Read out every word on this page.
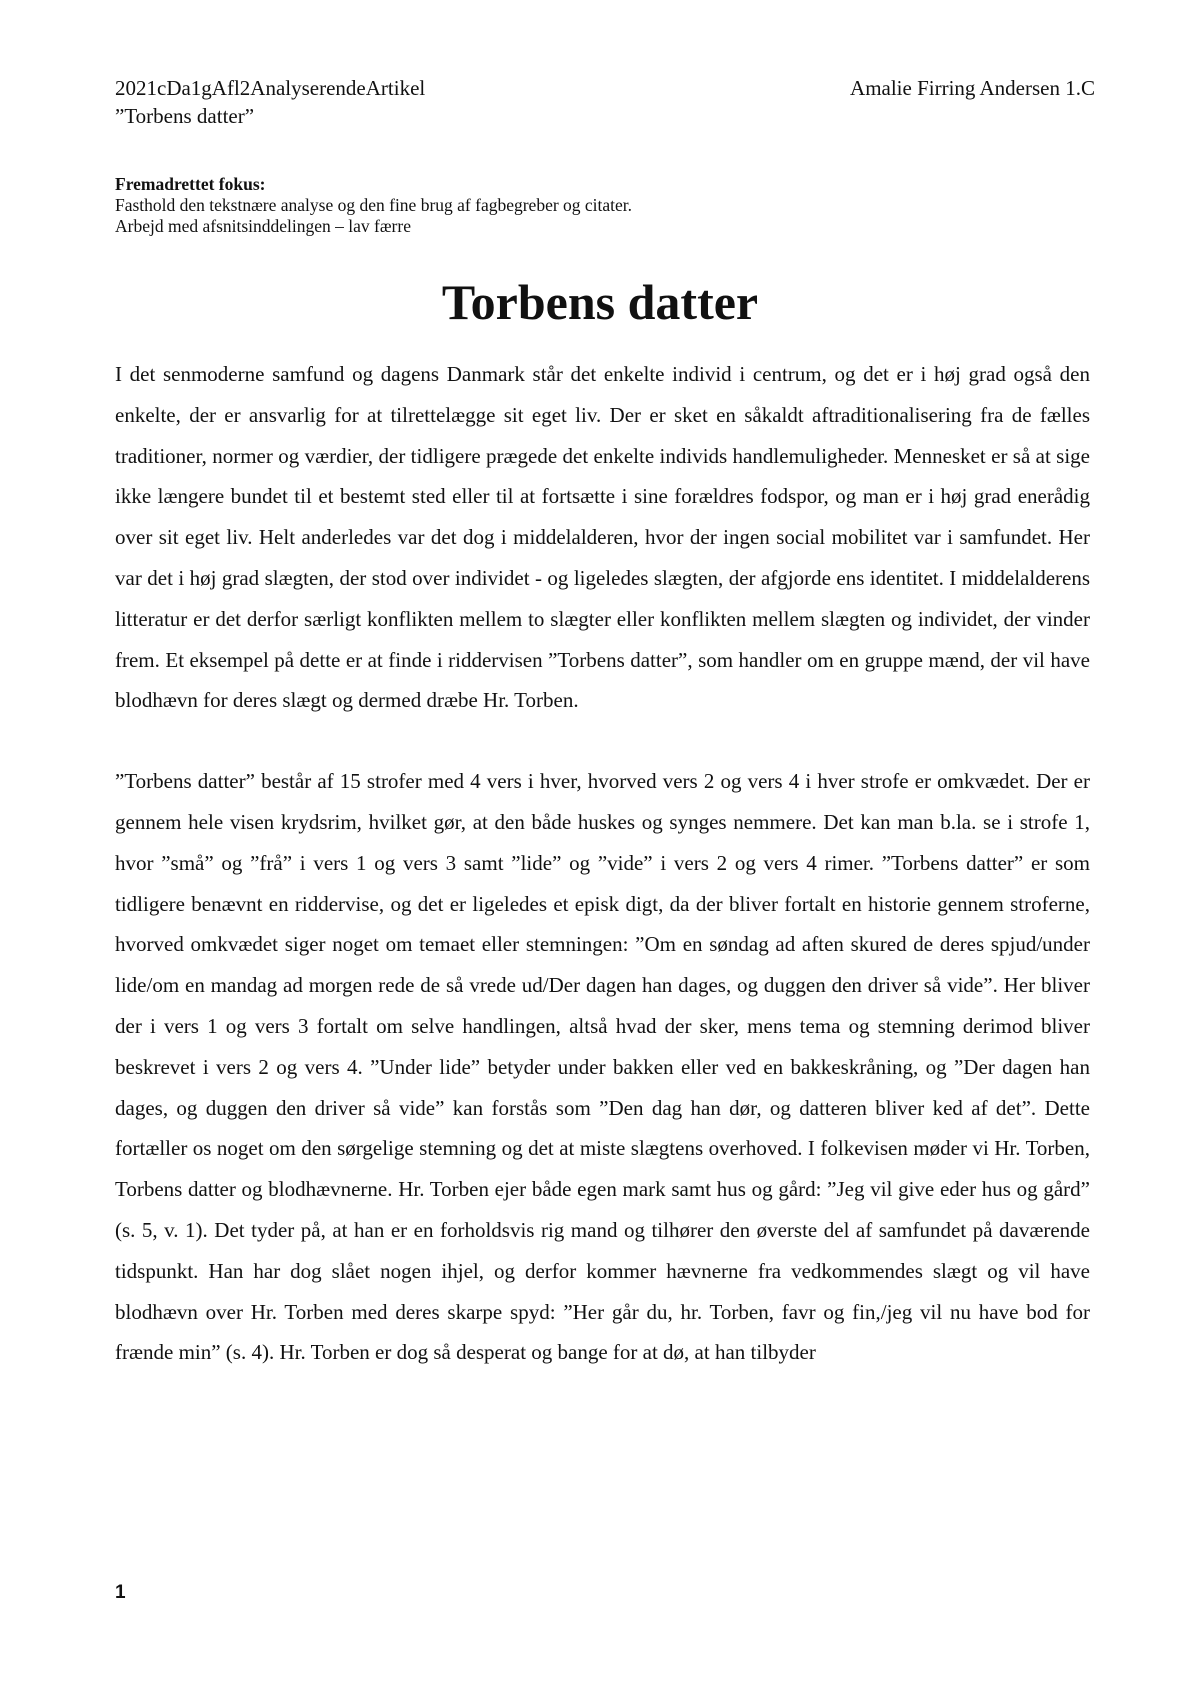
2021cDa1gAfl2AnalyserendeArtikel	Amalie Firring Andersen 1.C
”Torbens datter”
Fremadrettet fokus:
Fasthold den tekstnære analyse og den fine brug af fagbegreber og citater.
Arbejd med afsnitsinddelingen – lav færre
Torbens datter

I det senmoderne samfund og dagens Danmark står det enkelte individ i centrum, og det er i høj grad også den enkelte, der er ansvarlig for at tilrettelægge sit eget liv. Der er sket en såkaldt aftraditionalisering fra de fælles traditioner, normer og værdier, der tidligere prægede det enkelte individs handlemuligheder. Mennesket er så at sige ikke længere bundet til et bestemt sted eller til at fortsætte i sine forældres fodspor, og man er i høj grad enerådig over sit eget liv. Helt anderledes var det dog i middelalderen, hvor der ingen social mobilitet var i samfundet. Her var det i høj grad slægten, der stod over individet - og ligeledes slægten, der afgjorde ens identitet. I middelalderens litteratur er det derfor særligt konflikten mellem to slægter eller konflikten mellem slægten og individet, der vinder frem. Et eksempel på dette er at finde i riddervisen ”Torbens datter”, som handler om en gruppe mænd, der vil have blodhævn for deres slægt og dermed dræbe Hr. Torben.

”Torbens datter” består af 15 strofer med 4 vers i hver, hvorved vers 2 og vers 4 i hver strofe er omkvædet. Der er gennem hele visen krydsrim, hvilket gør, at den både huskes og synges nemmere. Det kan man b.la. se i strofe 1, hvor ”små” og ”frå” i vers 1 og vers 3 samt ”lide” og ”vide” i vers 2 og vers 4 rimer. ”Torbens datter” er som tidligere benævnt en riddervise, og det er ligeledes et episk digt, da der bliver fortalt en historie gennem stroferne, hvorved omkvædet siger noget om temaet eller stemningen: ”Om en søndag ad aften skured de deres spjud/under lide/om en mandag ad morgen rede de så vrede ud/Der dagen han dages, og duggen den driver så vide”. Her bliver der i vers 1 og vers 3 fortalt om selve handlingen, altså hvad der sker, mens tema og stemning derimod bliver beskrevet i vers 2 og vers 4. ”Under lide” betyder under bakken eller ved en bakkeskråning, og ”Der dagen han dages, og duggen den driver så vide” kan forstås som ”Den dag han dør, og datteren bliver ked af det”. Dette fortæller os noget om den sørgelige stemning og det at miste slægtens overhoved. I folkevisen møder vi Hr. Torben, Torbens datter og blodhævnerne. Hr. Torben ejer både egen mark samt hus og gård: ”Jeg vil give eder hus og gård” (s. 5, v. 1). Det tyder på, at han er en forholdsvis rig mand og tilhører den øverste del af samfundet på daværende tidspunkt. Han har dog slået nogen ihjel, og derfor kommer hævnerne fra vedkommendes slægt og vil have blodhævn over Hr. Torben med deres skarpe spyd: ”Her går du, hr. Torben, favr og fin,/jeg vil nu have bod for frænde min” (s. 4). Hr. Torben er dog så desperat og bange for at dø, at han tilbyder

1
